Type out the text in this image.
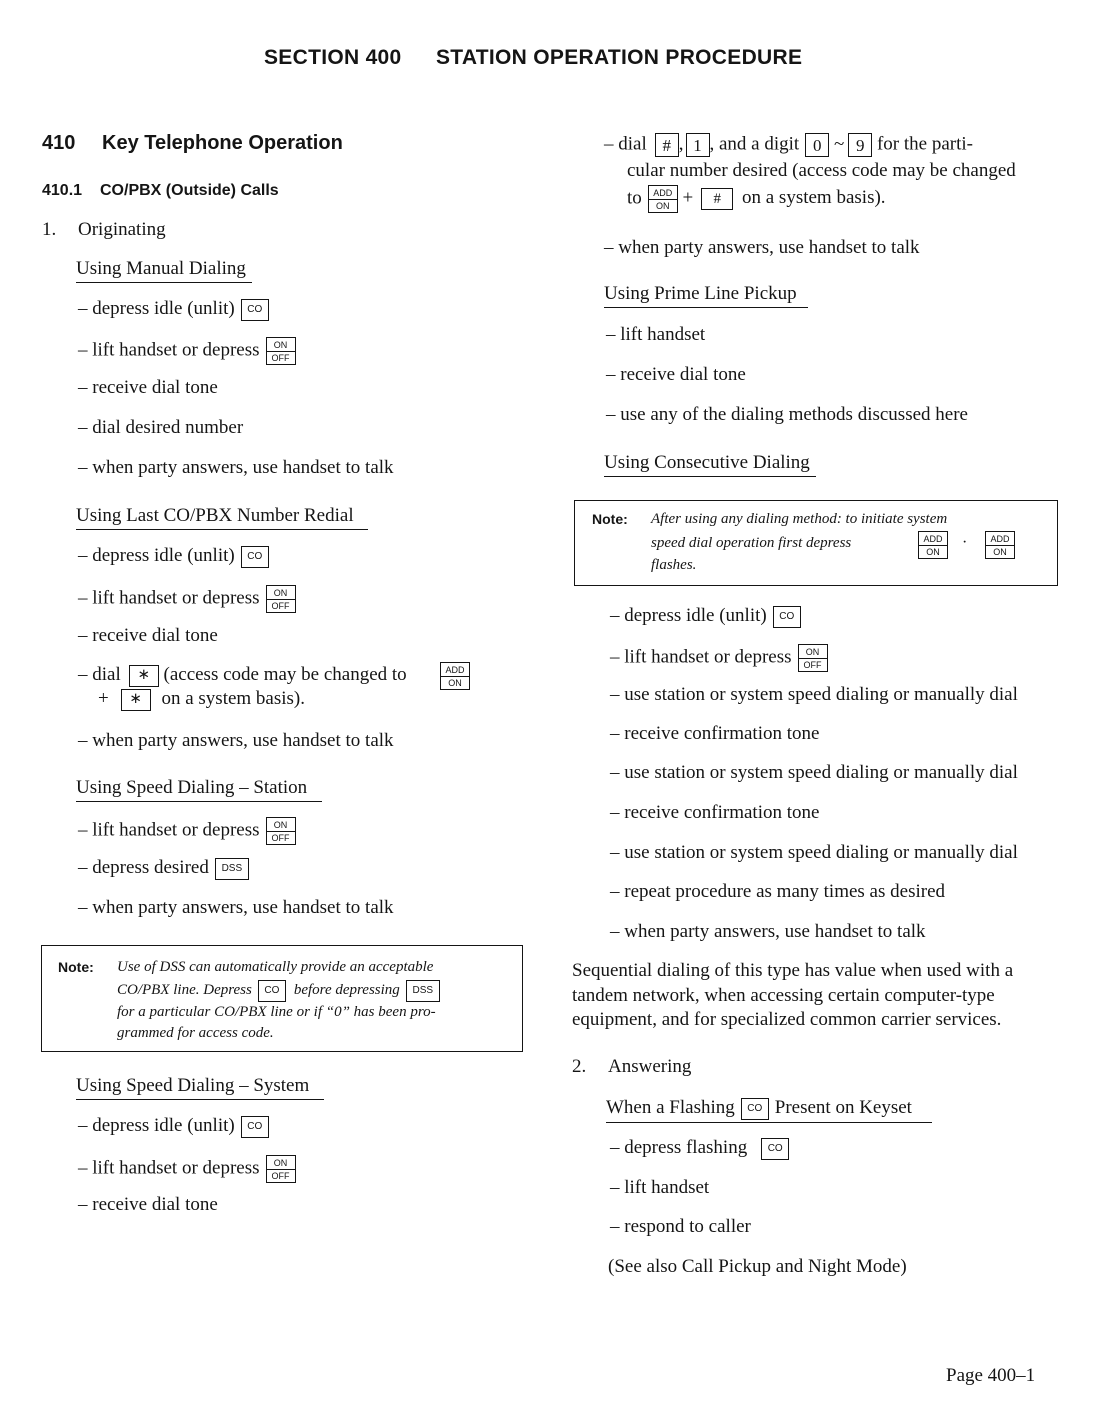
SECTION 400 STATION OPERATION PROCEDURE
410 Key Telephone Operation
410.1 CO/PBX (Outside) Calls
1. Originating
Using Manual Dialing
– depress idle (unlit) CO
– lift handset or depress	ON
OFF
– receive dial tone
– dial desired number
– when party answers, use handset to talk
Using Last CO/PBX Number Redial
– depress idle (unlit) CO
– lift handset or depress	ON
OFF
– receive dial tone
– dial ∗ (access code may be changed to	ADD
ON
+ ∗ on a system basis).
– when party answers, use handset to talk
Using Speed Dialing – Station
– lift handset or depress	ON
OFF
– depress desired DSS
– when party answers, use handset to talk
Note: Use of DSS can automatically provide an acceptable
CO/PBX line. Depress CO before depressing DSS
for a particular CO/PBX line or if “0” has been pro-
grammed for access code.
Using Speed Dialing – System
– depress idle (unlit) CO
– lift handset or depress	ON
OFF
– receive dial tone
– dial # , 1 , and a digit 0 ~ 9 for the parti-
cular number desired (access code may be changed
to	ADD
ON + # on a system basis).
– when party answers, use handset to talk
Using Prime Line Pickup
– lift handset
– receive dial tone
– use any of the dialing methods discussed here
Using Consecutive Dialing
Note: After using any dialing method: to initiate system
speed dial operation first depress
flashes.
ADD
ON
·	ADD
ON
– depress idle (unlit) CO
– lift handset or depress	ON
OFF
– use station or system speed dialing or manually dial
– receive confirmation tone
– use station or system speed dialing or manually dial
– receive confirmation tone
– use station or system speed dialing or manually dial
– repeat procedure as many times as desired
– when party answers, use handset to talk
Sequential dialing of this type has value when used with a
tandem network, when accessing certain computer-type
equipment, and for specialized common carrier services.
2. Answering
When a Flashing CO Present on Keyset
– depress flashing CO
– lift handset
– respond to caller
(See also Call Pickup and Night Mode)
Page 400–1
